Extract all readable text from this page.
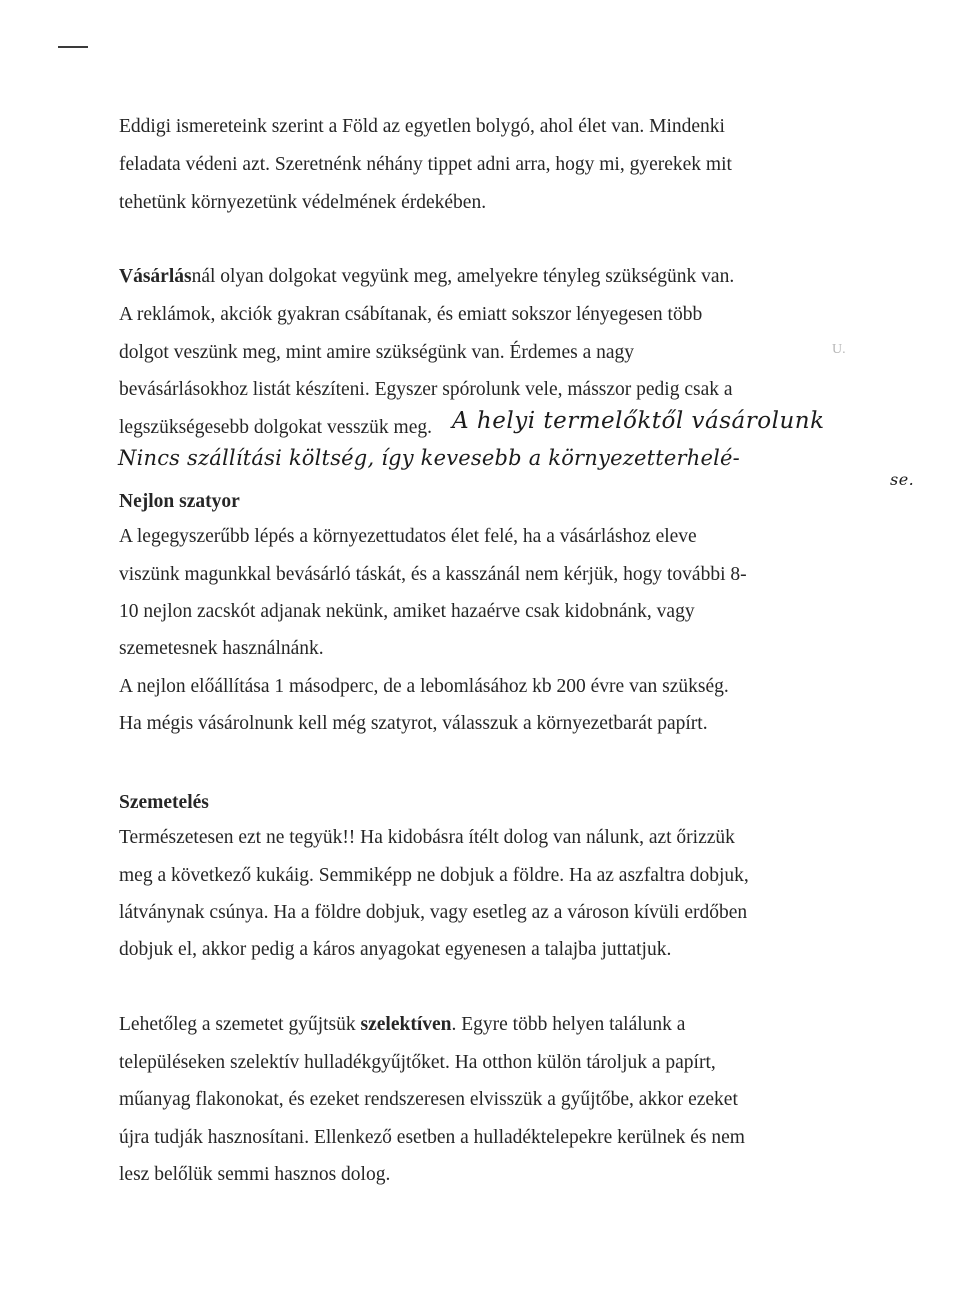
Eddigi ismereteink szerint a Föld az egyetlen bolygó, ahol élet van. Mindenki
feladata védeni azt. Szeretnénk néhány tippet adni arra, hogy mi, gyerekek mit
tehetünk környezetünk védelmének érdekében.
Vásárlásnál olyan dolgokat vegyünk meg, amelyekre tényleg szükségünk van.
A reklámok, akciók gyakran csábítanak, és emiatt sokszor lényegesen több
dolgot veszünk meg, mint amire szükségünk van. Érdemes a nagy
bevásárlásokhoz listát készíteni. Egyszer spórolunk vele, másszor pedig csak a
legszükségesebb dolgokat vesszük meg.
U.
A helyi termelőktől vásárolunk
Nincs szállítási költség, így kevesebb a környezetterhelé-
se.
Nejlon szatyor
A legegyszerűbb lépés a környezettudatos élet felé, ha a vásárláshoz eleve
viszünk magunkkal bevásárló táskát, és a kasszánál nem kérjük, hogy további 8-
10 nejlon zacskót adjanak nekünk, amiket hazaérve csak kidobnánk, vagy
szemetesnek használnánk.
A nejlon előállítása 1 másodperc, de a lebomlásához kb 200 évre van szükség.
Ha mégis vásárolnunk kell még szatyrot, válasszuk a környezetbarát papírt.
Szemetelés
Természetesen ezt ne tegyük!! Ha kidobásra ítélt dolog van nálunk, azt őrizzük
meg a következő kukáig. Semmiképp ne dobjuk a földre. Ha az aszfaltra dobjuk,
látványnak csúnya. Ha a földre dobjuk, vagy esetleg az a városon kívüli erdőben
dobjuk el, akkor pedig a káros anyagokat egyenesen a talajba juttatjuk.
Lehetőleg a szemetet gyűjtsük szelektíven. Egyre több helyen találunk a
településeken szelektív hulladékgyűjtőket. Ha otthon külön tároljuk a papírt,
műanyag flakonokat, és ezeket rendszeresen elvisszük a gyűjtőbe, akkor ezeket
újra tudják hasznosítani. Ellenkező esetben a hulladéktelepekre kerülnek és nem
lesz belőlük semmi hasznos dolog.
